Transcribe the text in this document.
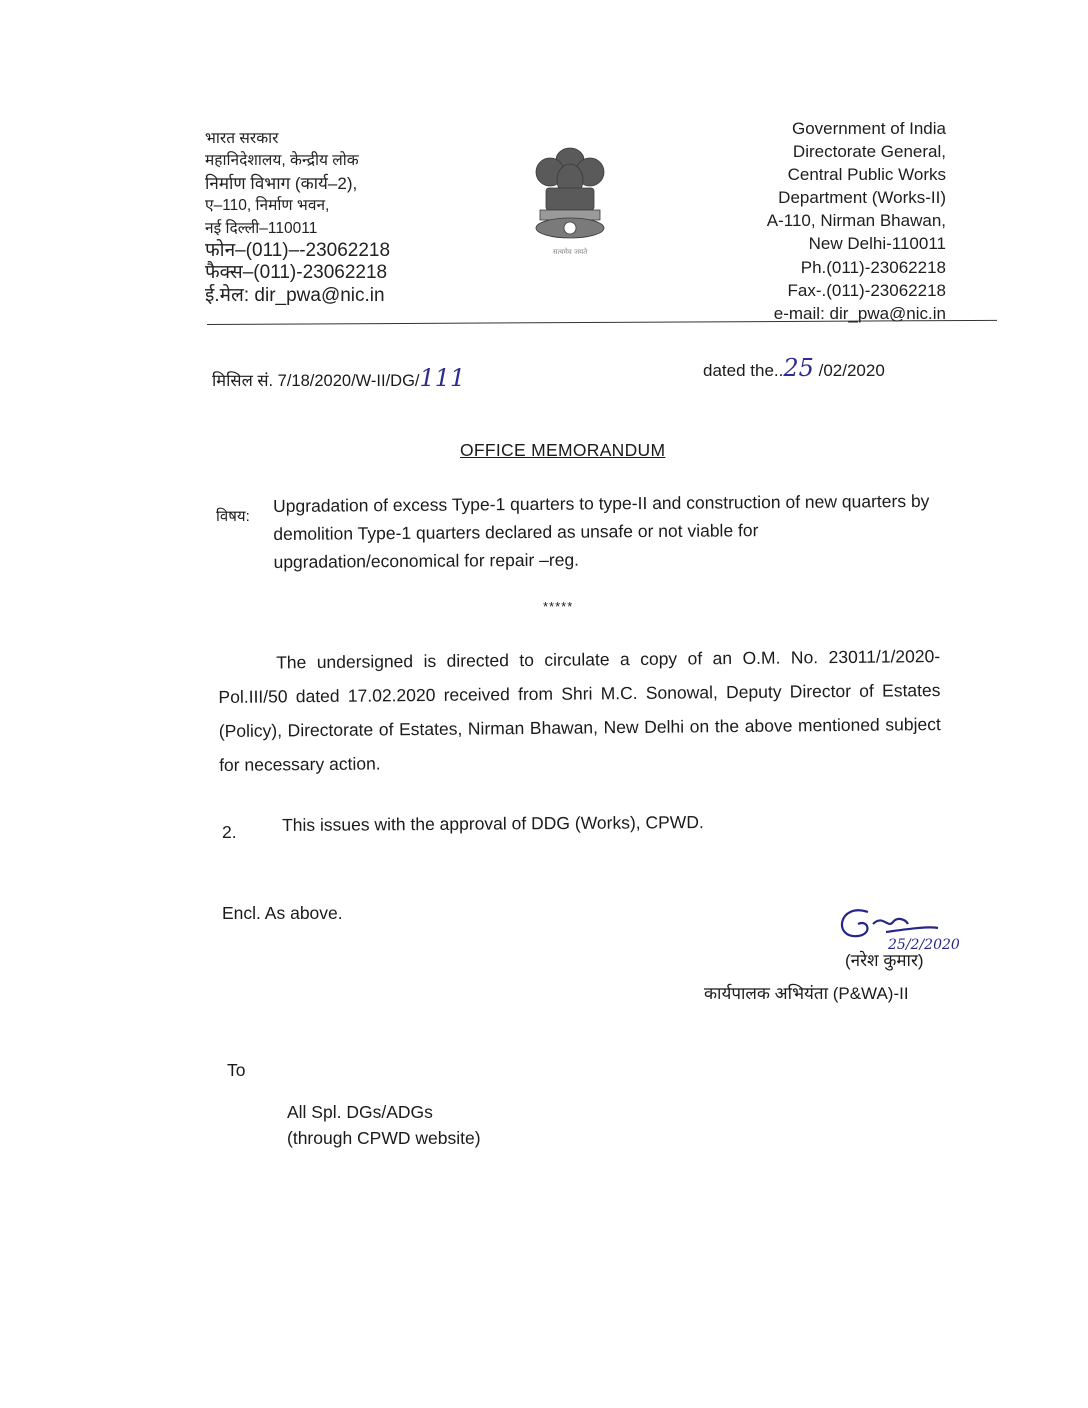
भारत सरकार
महानिदेशालय, केन्द्रीय लोक
निर्माण विभाग (कार्य–2),
ए–110, निर्माण भवन,
नई दिल्ली–110011
फोन–(011)–-23062218
फैक्स–(011)-23062218
ई.मेल: dir_pwa@nic.in
सत्यमेव जयते
Government of India
Directorate General,
Central Public Works
Department (Works-II)
A-110, Nirman Bhawan,
New Delhi-110011
Ph.(011)-23062218
Fax-.(011)-23062218
e-mail: dir_pwa@nic.in
मिसिल सं. 7/18/2020/W-II/DG/111	dated the..25 /02/2020
OFFICE MEMORANDUM
विषय:
Upgradation of excess Type-1 quarters to type-II and construction of new quarters by demolition Type-1 quarters declared as unsafe or not viable for upgradation/economical for repair –reg.
*****
The undersigned is directed to circulate a copy of an O.M. No. 23011/1/2020-Pol.III/50 dated 17.02.2020 received from Shri M.C. Sonowal, Deputy Director of Estates (Policy), Directorate of Estates, Nirman Bhawan, New Delhi on the above mentioned subject for necessary action.
2.	This issues with the approval of DDG (Works), CPWD.
Encl. As above.
25/2/2020
(नरेश कुमार)
कार्यपालक अभियंता (P&WA)-II
To
All Spl. DGs/ADGs
(through CPWD website)
